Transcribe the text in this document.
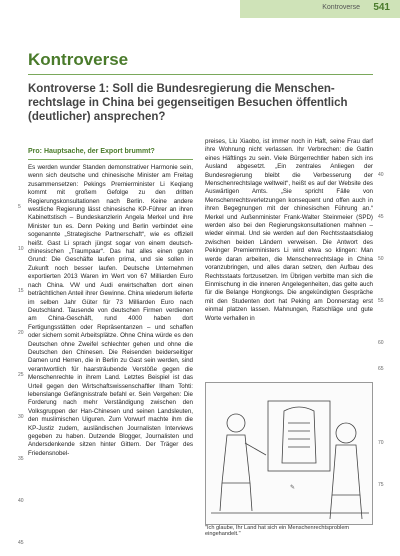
Kontroverse 541
Kontroverse
Kontroverse 1: Soll die Bundesregierung die Menschen-rechtslage in China bei gegenseitigen Besuchen öffentlich (deutlicher) ansprechen?
Pro: Hauptsache, der Export brummt?
Es werden wunder Standen demonstrativer Harmonie sein, wenn sich deutsche und chinesische Minister am Freitag zusammensetzen: Pekings Premierminister Li Keqiang kommt mit großem Gefolge zu den dritten Regierungskonsultationen nach Berlin. Keine andere westliche Regierung lässt chinesische KP-Führer an ihren Kabinettstisch – Bundeskanzlerin Angela Merkel und ihre Minister tun es. Denn Peking und Berlin verbindet eine sogenannte „Strategische Partnerschaft“, wie es offiziell heißt. Gast Li sprach jüngst sogar von einem deutsch-chinesischen „Traumpaar“. Das hat alles einen guten Grund: Die Geschäfte laufen prima, und sie sollen in Zukunft noch besser laufen. Deutsche Unternehmen exportierten 2013 Waren im Wert von 67 Milliarden Euro nach China. VW und Audi erwirtschaften dort einen beträchtlichen Anteil ihrer Gewinne. China wiederum lieferte im selben Jahr Güter für 73 Milliarden Euro nach Deutschland. Tausende von deutschen Firmen verdienen am China-Geschäft, rund 4000 haben dort Fertigungsstätten oder Repräsentanzen – und schaffen oder sichern somit Arbeitsplätze. Ohne China würde es den Deutschen ohne Zweifel schlechter gehen und ohne die Deutschen den Chinesen. Die Reisenden beiderseitiger Damen und Herren, die in Berlin zu Gast sein werden, sind verantwortlich für haarsträubende Verstöße gegen die Menschenrechte in ihrem Land. Letztes Beispiel ist das Urteil gegen den Wirtschaftswissenschaftler Ilham Tohti: lebenslange Gefängnisstrafe befahl er. Sein Vergehen: Die Forderung nach mehr Verständigung zwischen den Volksgruppen der Han-Chinesen und seinen Landsleuten, den muslimischen Uiguren. Zum Vorwurf machte ihm die KP-Justiz zudem, ausländischen Journalisten Interviews gegeben zu haben. Dutzende Blogger, Journalisten und Andersdenkende sitzen hinter Gittern. Der Träger des Friedensnobel-
preises, Liu Xiaobo, ist immer noch in Haft, seine Frau darf ihre Wohnung nicht verlassen. Ihr Verbrechen: die Gattin eines Häftlings zu sein. Viele Bürgerrechtler haben sich ins Ausland abgesetzt. „Ein zentrales Anliegen der Bundesregierung bleibt die Verbesserung der Menschenrechtslage weltweit“, heißt es auf der Website des Auswärtigen Amts. „Sie spricht Fälle von Menschenrechtsverletzungen konsequent und offen auch in ihren Begegnungen mit der chinesischen Führung an.“ Merkel und Außenminister Frank-Walter Steinmeier (SPD) werden also bei den Regierungskonsultationen mahnen – wieder einmal. Und sie werden auf den Rechtsstaatsdialog zwischen beiden Ländern verweisen. Die Antwort des Pekinger Premierministers Li wird etwa so klingen: Man werde daran arbeiten, die Menschenrechtslage in China voranzubringen, und alles daran setzen, den Aufbau des Rechtsstaats fortzusetzen. Im Übrigen verbitte man sich die Einmischung in die inneren Angelegenheiten, das gelte auch für die Belange Hongkongs. Die angekündigten Gespräche mit den Studenten dort hat Peking am Donnerstag erst einmal platzen lassen. Mahnungen, Ratschläge und gute Worte verhallen in
5
10
15
20
25
30
35
40
45
40
45
50
55
60
65
70
75
✎
"Ich glaube, Ihr Land hat sich ein Menschenrechtsproblem eingehandelt."
